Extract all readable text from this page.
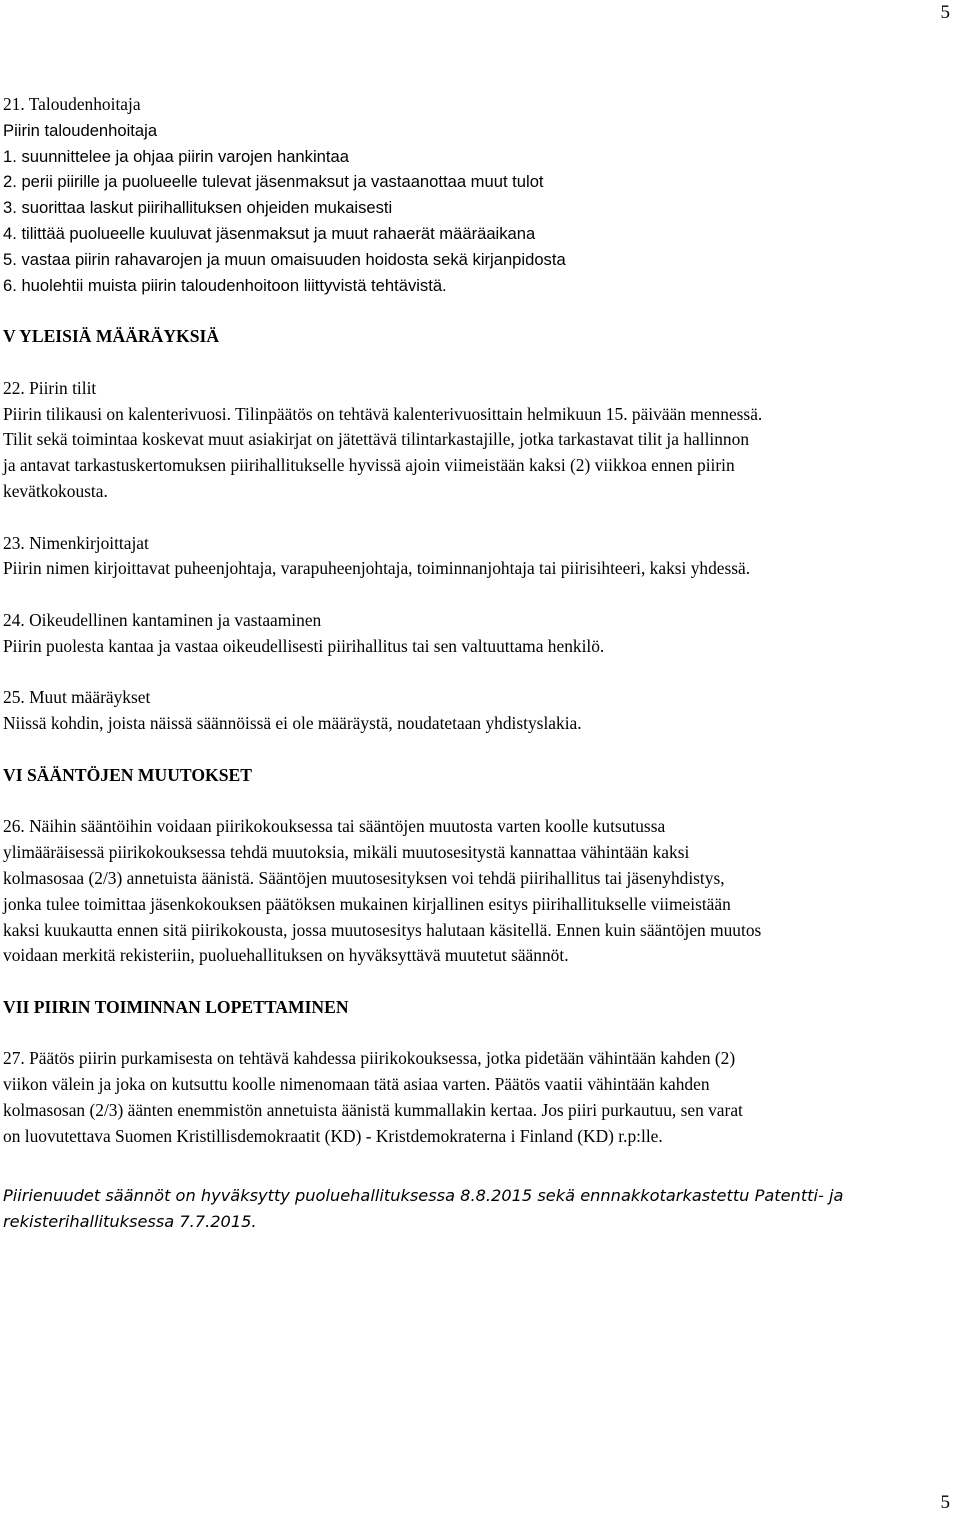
5

21. Taloudenhoitaja

Piirin taloudenhoitaja

1. suunnittelee ja ohjaa piirin varojen hankintaa

2. perii piirille ja puolueelle tulevat jäsenmaksut ja vastaanottaa muut tulot

3. suorittaa laskut piirihallituksen ohjeiden mukaisesti

4. tilittää puolueelle kuuluvat jäsenmaksut ja muut rahaerät määräaikana

5. vastaa piirin rahavarojen ja muun omaisuuden hoidosta sekä kirjanpidosta

6. huolehtii muista piirin taloudenhoitoon liittyvistä tehtävistä.

V YLEISIÄ MÄÄRÄYKSIÄ

22. Piirin tilit

Piirin tilikausi on kalenterivuosi. Tilinpäätös on tehtävä kalenterivuosittain helmikuun 15. päivään mennessä.

Tilit sekä toimintaa koskevat muut asiakirjat on jätettävä tilintarkastajille, jotka tarkastavat tilit ja hallinnon

ja antavat tarkastuskertomuksen piirihallitukselle hyvissä ajoin viimeistään kaksi (2) viikkoa ennen piirin

kevätkokousta.

23. Nimenkirjoittajat

Piirin nimen kirjoittavat puheenjohtaja, varapuheenjohtaja, toiminnanjohtaja tai piirisihteeri, kaksi yhdessä.

24. Oikeudellinen kantaminen ja vastaaminen

Piirin puolesta kantaa ja vastaa oikeudellisesti piirihallitus tai sen valtuuttama henkilö.

25. Muut määräykset

Niissä kohdin, joista näissä säännöissä ei ole määräystä, noudatetaan yhdistyslakia.

VI SÄÄNTÖJEN MUUTOKSET

26. Näihin sääntöihin voidaan piirikokouksessa tai sääntöjen muutosta varten koolle kutsutussa

ylimääräisessä piirikokouksessa tehdä muutoksia, mikäli muutosesitystä kannattaa vähintään kaksi

kolmasosaa (2/3) annetuista äänistä. Sääntöjen muutosesityksen voi tehdä piirihallitus tai jäsenyhdistys,

jonka tulee toimittaa jäsenkokouksen päätöksen mukainen kirjallinen esitys piirihallitukselle viimeistään

kaksi kuukautta ennen sitä piirikokousta, jossa muutosesitys halutaan käsitellä. Ennen kuin sääntöjen muutos

voidaan merkitä rekisteriin, puoluehallituksen on hyväksyttävä muutetut säännöt.

VII PIIRIN TOIMINNAN LOPETTAMINEN

27. Päätös piirin purkamisesta on tehtävä kahdessa piirikokouksessa, jotka pidetään vähintään kahden (2)

viikon välein ja joka on kutsuttu koolle nimenomaan tätä asiaa varten. Päätös vaatii vähintään kahden

kolmasosan (2/3) äänten enemmistön annetuista äänistä kummallakin kertaa. Jos piiri purkautuu, sen varat

on luovutettava Suomen Kristillisdemokraatit (KD) - Kristdemokraterna i Finland (KD) r.p:lle.

Piirienuudet säännöt on hyväksytty puoluehallituksessa 8.8.2015 sekä ennnakkotarkastettu Patentti- ja
rekisterihallituksessa 7.7.2015.
5
